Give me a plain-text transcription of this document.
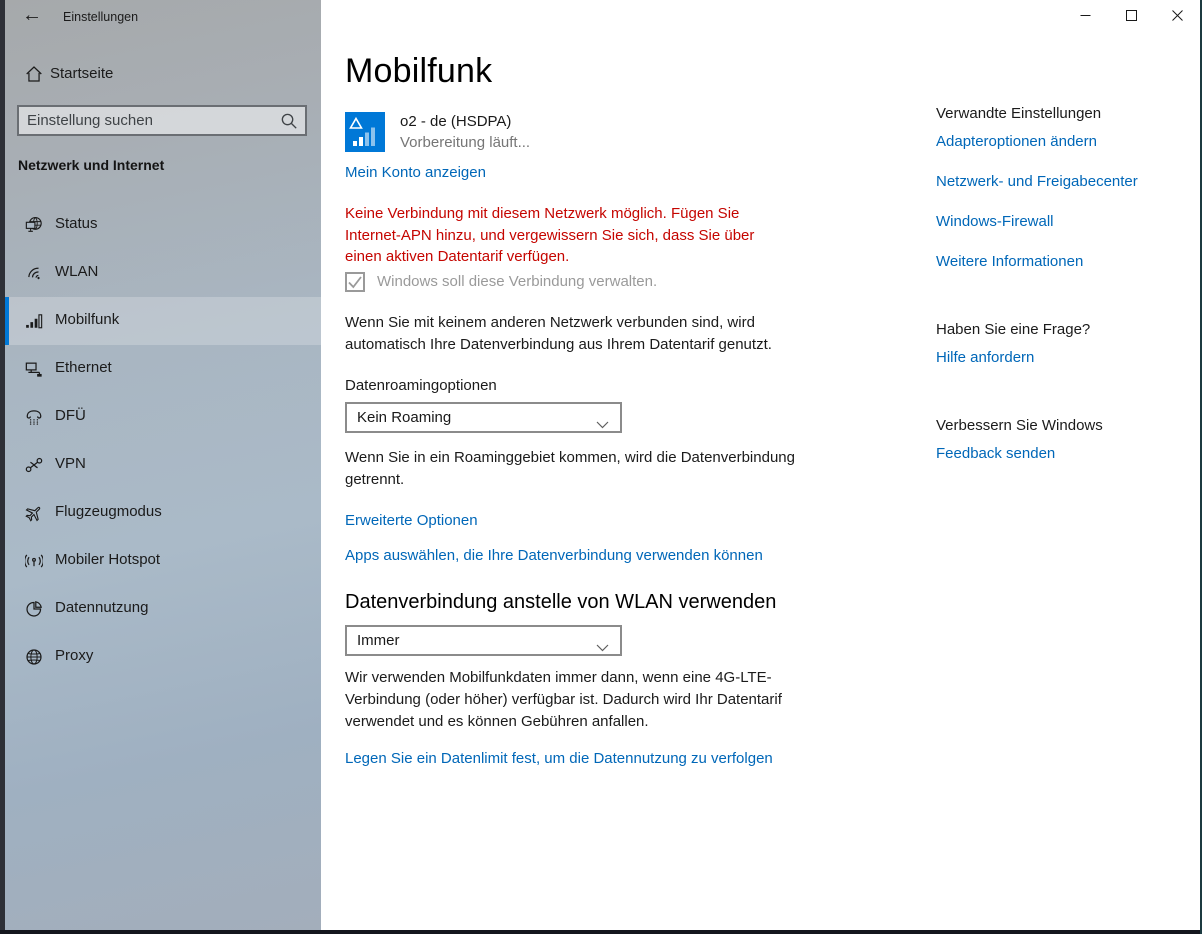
← Einstellungen
Startseite
Einstellung suchen
Netzwerk und Internet
Status
WLAN
Mobilfunk
Ethernet
DFÜ
VPN
Flugzeugmodus
Mobiler Hotspot
Datennutzung
Proxy
Mobilfunk
o2 - de (HSDPA)
Vorbereitung läuft...
Mein Konto anzeigen
Keine Verbindung mit diesem Netzwerk möglich. Fügen Sie Internet-APN hinzu, und vergewissern Sie sich, dass Sie über einen aktiven Datentarif verfügen.
Windows soll diese Verbindung verwalten.
Wenn Sie mit keinem anderen Netzwerk verbunden sind, wird automatisch Ihre Datenverbindung aus Ihrem Datentarif genutzt.
Datenroamingoptionen
Kein Roaming
Wenn Sie in ein Roaminggebiet kommen, wird die Datenverbindung getrennt.
Erweiterte Optionen
Apps auswählen, die Ihre Datenverbindung verwenden können
Datenverbindung anstelle von WLAN verwenden
Immer
Wir verwenden Mobilfunkdaten immer dann, wenn eine 4G-LTE-Verbindung (oder höher) verfügbar ist. Dadurch wird Ihr Datentarif verwendet und es können Gebühren anfallen.
Legen Sie ein Datenlimit fest, um die Datennutzung zu verfolgen
Verwandte Einstellungen
Adapteroptionen ändern
Netzwerk- und Freigabecenter
Windows-Firewall
Weitere Informationen
Haben Sie eine Frage?
Hilfe anfordern
Verbessern Sie Windows
Feedback senden
